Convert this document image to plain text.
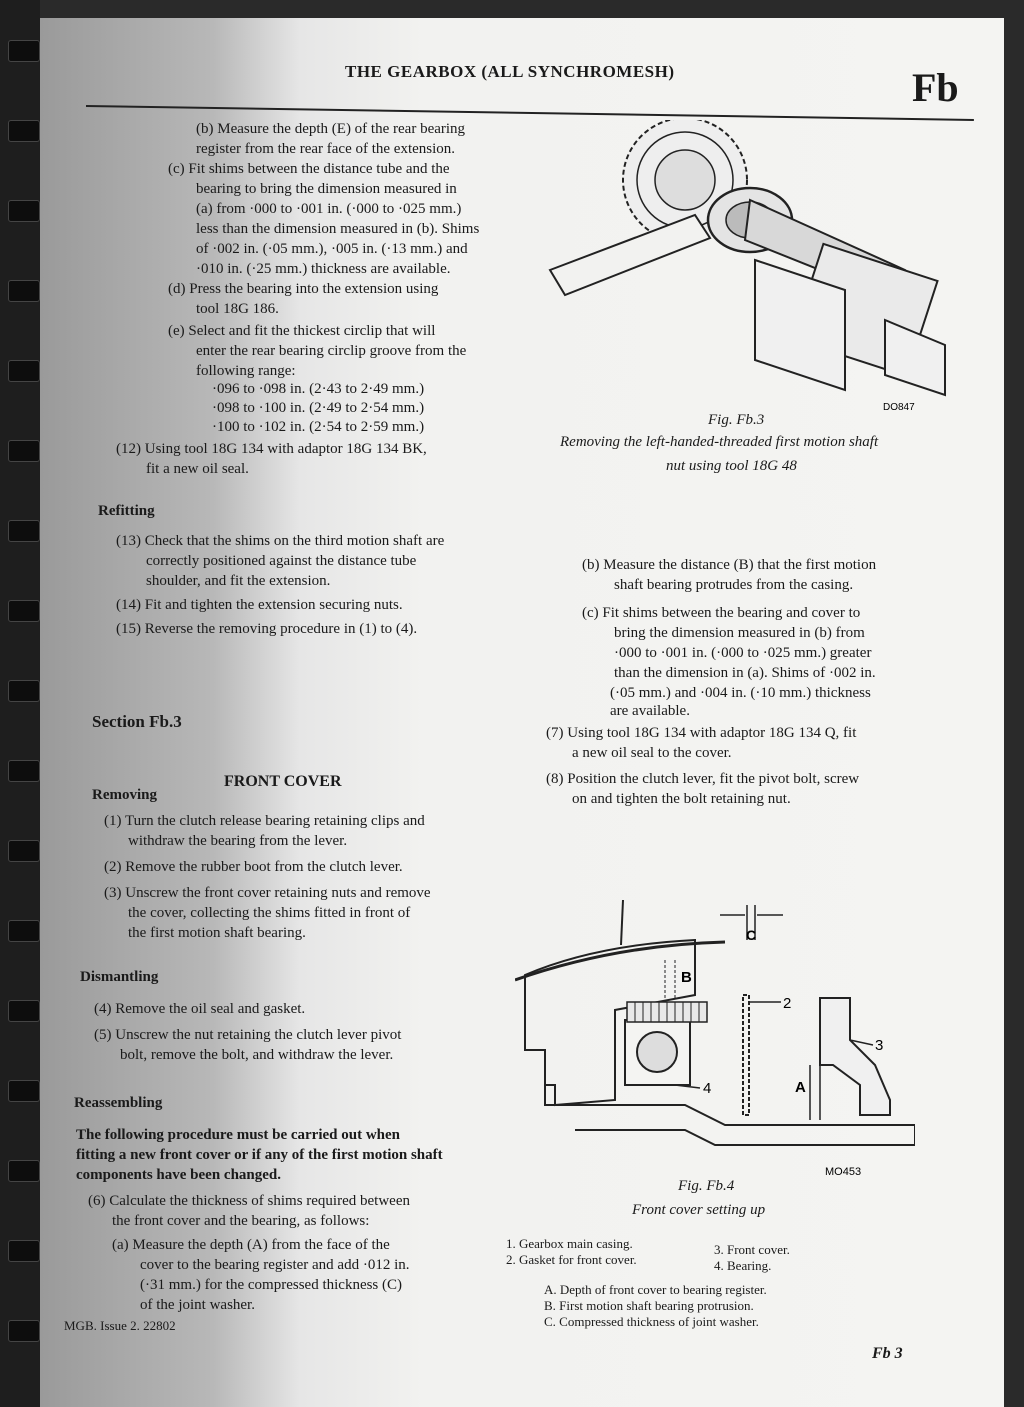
THE GEARBOX (ALL SYNCHROMESH)	Fb
(b) Measure the depth (E) of the rear bearing
register from the rear face of the extension.
(c) Fit shims between the distance tube and the
bearing to bring the dimension measured in
(a) from ·000 to ·001 in. (·000 to ·025 mm.)
less than the dimension measured in (b). Shims
of ·002 in. (·05 mm.), ·005 in. (·13 mm.) and
·010 in. (·25 mm.) thickness are available.
(d) Press the bearing into the extension using
tool 18G 186.
(e) Select and fit the thickest circlip that will
enter the rear bearing circlip groove from the
following range:
·096 to ·098 in. (2·43 to 2·49 mm.)
·098 to ·100 in. (2·49 to 2·54 mm.)
·100 to ·102 in. (2·54 to 2·59 mm.)
(12) Using tool 18G 134 with adaptor 18G 134 BK,
fit a new oil seal.
Refitting
(13) Check that the shims on the third motion shaft are
correctly positioned against the distance tube
shoulder, and fit the extension.
(14) Fit and tighten the extension securing nuts.
(15) Reverse the removing procedure in (1) to (4).
Section Fb.3
FRONT COVER
Removing
(1) Turn the clutch release bearing retaining clips and
withdraw the bearing from the lever.
(2) Remove the rubber boot from the clutch lever.
(3) Unscrew the front cover retaining nuts and remove
the cover, collecting the shims fitted in front of
the first motion shaft bearing.
Dismantling
(4) Remove the oil seal and gasket.
(5) Unscrew the nut retaining the clutch lever pivot
bolt, remove the bolt, and withdraw the lever.
Reassembling
The following procedure must be carried out when
fitting a new front cover or if any of the first motion shaft
components have been changed.
(6) Calculate the thickness of shims required between
the front cover and the bearing, as follows:
(a) Measure the depth (A) from the face of the
cover to the bearing register and add ·012 in.
(·31 mm.) for the compressed thickness (C)
of the joint washer.
MGB. Issue 2. 22802
DO847
Fig. Fb.3
Removing the left-handed-threaded first motion shaft
nut using tool 18G 48
(b) Measure the distance (B) that the first motion
shaft bearing protrudes from the casing.
(c) Fit shims between the bearing and cover to
bring the dimension measured in (b) from
·000 to ·001 in. (·000 to ·025 mm.) greater
than the dimension in (a). Shims of ·002 in.
(·05 mm.) and ·004 in. (·10 mm.) thickness
are available.
(7) Using tool 18G 134 with adaptor 18G 134 Q, fit
a new oil seal to the cover.
(8) Position the clutch lever, fit the pivot bolt, screw
on and tighten the bolt retaining nut.
2
3
4
B
C
A
MO453
Fig. Fb.4
Front cover setting up
1. Gearbox main casing.
2. Gasket for front cover.
3. Front cover.
4. Bearing.
A. Depth of front cover to bearing register.
B. First motion shaft bearing protrusion.
C. Compressed thickness of joint washer.
Fb 3
